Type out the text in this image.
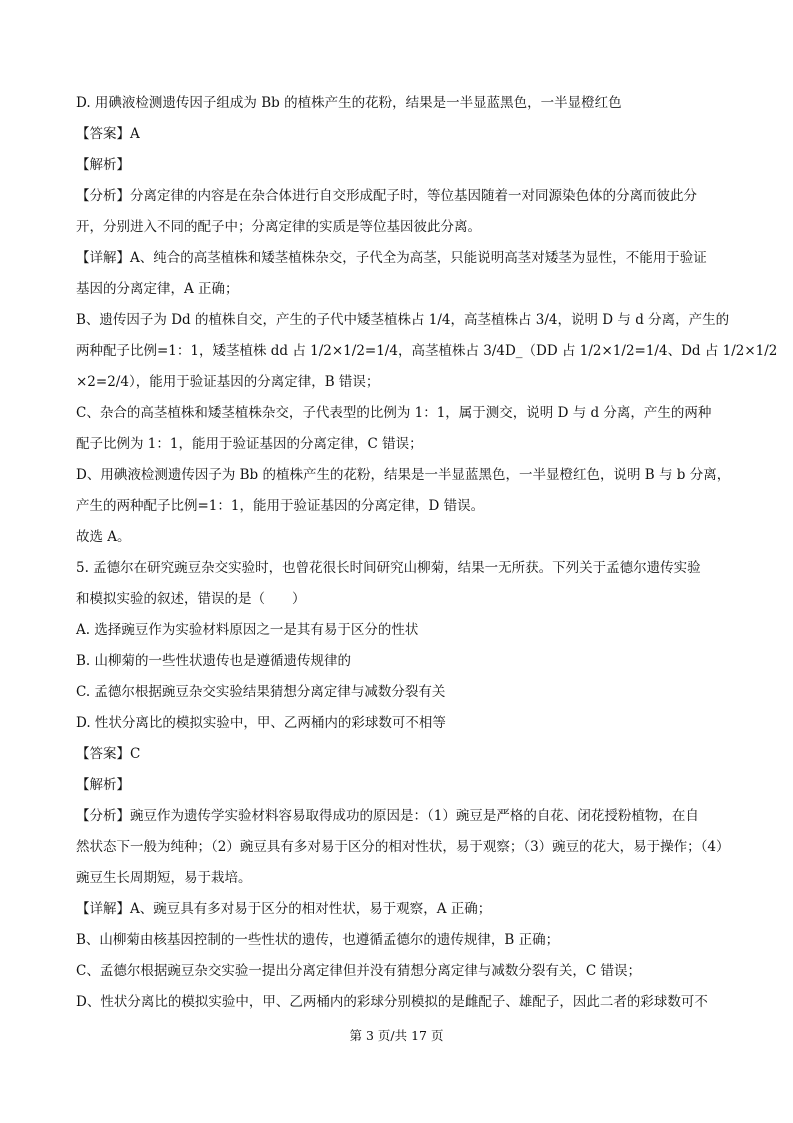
D. 用碘液检测遗传因子组成为 Bb 的植株产生的花粉，结果是一半显蓝黑色，一半显橙红色
【答案】A
【解析】
【分析】分离定律的内容是在杂合体进行自交形成配子时，等位基因随着一对同源染色体的分离而彼此分
开，分别进入不同的配子中；分离定律的实质是等位基因彼此分离。
【详解】A、纯合的高茎植株和矮茎植株杂交，子代全为高茎，只能说明高茎对矮茎为显性，不能用于验证
基因的分离定律，A 正确；
B、遗传因子为 Dd 的植株自交，产生的子代中矮茎植株占 1/4，高茎植株占 3/4，说明 D 与 d 分离，产生的
两种配子比例=1：1，矮茎植株 dd 占 1/2×1/2=1/4，高茎植株占 3/4D_（DD 占 1/2×1/2=1/4、Dd 占 1/2×1/2
×2=2/4），能用于验证基因的分离定律，B 错误；
C、杂合的高茎植株和矮茎植株杂交，子代表型的比例为 1：1，属于测交，说明 D 与 d 分离，产生的两种
配子比例为 1：1，能用于验证基因的分离定律，C 错误；
D、用碘液检测遗传因子为 Bb 的植株产生的花粉，结果是一半显蓝黑色，一半显橙红色，说明 B 与 b 分离，
产生的两种配子比例=1：1，能用于验证基因的分离定律，D 错误。
故选 A。
5. 孟德尔在研究豌豆杂交实验时，也曾花很长时间研究山柳菊，结果一无所获。下列关于孟德尔遗传实验
和模拟实验的叙述，错误的是（　　）
A. 选择豌豆作为实验材料原因之一是其有易于区分的性状
B. 山柳菊的一些性状遗传也是遵循遗传规律的
C. 孟德尔根据豌豆杂交实验结果猜想分离定律与减数分裂有关
D. 性状分离比的模拟实验中，甲、乙两桶内的彩球数可不相等
【答案】C
【解析】
【分析】豌豆作为遗传学实验材料容易取得成功的原因是：（1）豌豆是严格的自花、闭花授粉植物，在自
然状态下一般为纯种；（2）豌豆具有多对易于区分的相对性状，易于观察；（3）豌豆的花大，易于操作；（4）
豌豆生长周期短，易于栽培。
【详解】A、豌豆具有多对易于区分的相对性状，易于观察，A 正确；
B、山柳菊由核基因控制的一些性状的遗传，也遵循孟德尔的遗传规律，B 正确；
C、孟德尔根据豌豆杂交实验一提出分离定律但并没有猜想分离定律与减数分裂有关，C 错误；
D、性状分离比的模拟实验中，甲、乙两桶内的彩球分别模拟的是雌配子、雄配子，因此二者的彩球数可不
第 3 页/共 17 页
